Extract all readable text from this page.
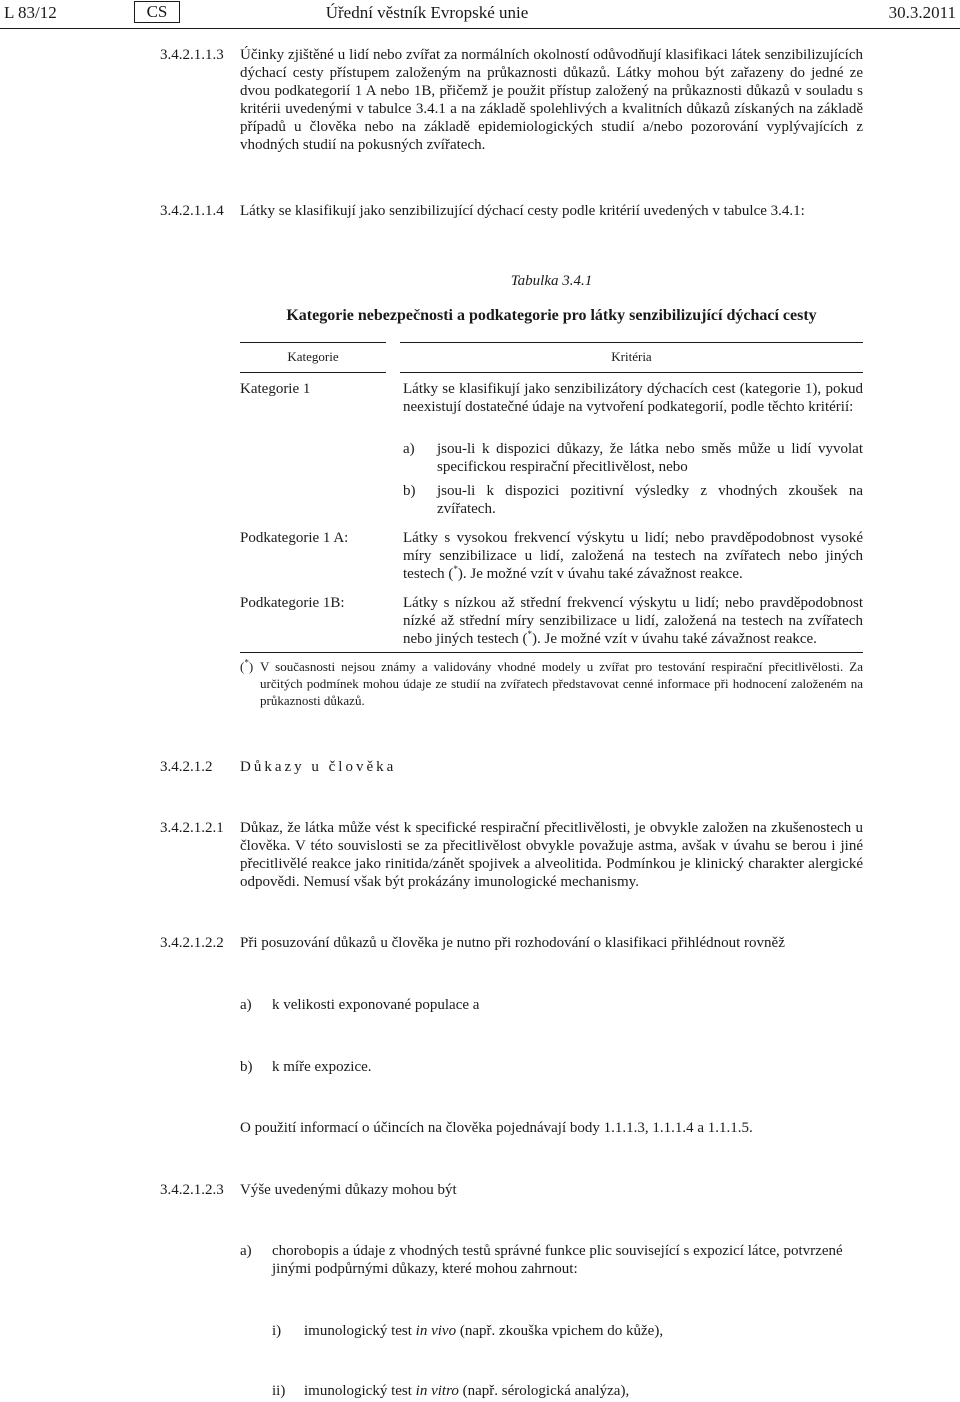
L 83/12	CS	Úřední věstník Evropské unie	30.3.2011
3.4.2.1.1.3 Účinky zjištěné u lidí nebo zvířat za normálních okolností odůvodňují klasifikaci látek senzibilizujících dýchací cesty přístupem založeným na průkaznosti důkazů. Látky mohou být zařazeny do jedné ze dvou podkategorií 1 A nebo 1B, přičemž je použit přístup založený na průkaznosti důkazů v souladu s kritérii uvedenými v tabulce 3.4.1 a na základě spolehlivých a kvalitních důkazů získaných na základě případů u člověka nebo na základě epidemiologických studií a/nebo pozorování vyplývajících z vhodných studií na pokusných zvířatech.

3.4.2.1.1.4 Látky se klasifikují jako senzibilizující dýchací cesty podle kritérií uvedených v tabulce 3.4.1:

Tabulka 3.4.1
Kategorie nebezpečnosti a podkategorie pro látky senzibilizující dýchací cesty
Kategorie	Kritéria
Kategorie 1	Látky se klasifikují jako senzibilizátory dýchacích cest (kategorie 1), pokud neexistují dostatečné údaje na vytvoření podkategorií, podle těchto kritérií:
a) jsou-li k dispozici důkazy, že látka nebo směs může u lidí vyvolat specifickou respirační přecitlivělost, nebo
b) jsou-li k dispozici pozitivní výsledky z vhodných zkoušek na zvířatech.
Podkategorie 1 A:	Látky s vysokou frekvencí výskytu u lidí; nebo pravděpodobnost vysoké míry senzibilizace u lidí, založená na testech na zvířatech nebo jiných testech (*). Je možné vzít v úvahu také závažnost reakce.
Podkategorie 1B:	Látky s nízkou až střední frekvencí výskytu u lidí; nebo pravděpodobnost nízké až střední míry senzibilizace u lidí, založená na testech na zvířatech nebo jiných testech (*). Je možné vzít v úvahu také závažnost reakce.
(*) V současnosti nejsou známy a validovány vhodné modely u zvířat pro testování respirační přecitlivělosti. Za určitých podmínek mohou údaje ze studií na zvířatech představovat cenné informace při hodnocení založeném na průkaznosti důkazů.
3.4.2.1.2 Důkazy u člověka
3.4.2.1.2.1 Důkaz, že látka může vést k specifické respirační přecitlivělosti, je obvykle založen na zkušenostech u člověka. V této souvislosti se za přecitlivělost obvykle považuje astma, avšak v úvahu se berou i jiné přecitlivělé reakce jako rinitida/zánět spojivek a alveolitida. Podmínkou je klinický charakter alergické odpovědi. Nemusí však být prokázány imunologické mechanismy.

3.4.2.1.2.2 Při posuzování důkazů u člověka je nutno při rozhodování o klasifikaci přihlédnout rovněž

a) k velikosti exponované populace a
b) k míře expozice.
O použití informací o účincích na člověka pojednávají body 1.1.1.3, 1.1.1.4 a 1.1.1.5.
3.4.2.1.2.3 Výše uvedenými důkazy mohou být
a) chorobopis a údaje z vhodných testů správné funkce plic související s expozicí látce, potvrzené jinými podpůrnými důkazy, které mohou zahrnout:
i) imunologický test in vivo (např. zkouška vpichem do kůže),
ii) imunologický test in vitro (např. sérologická analýza),
